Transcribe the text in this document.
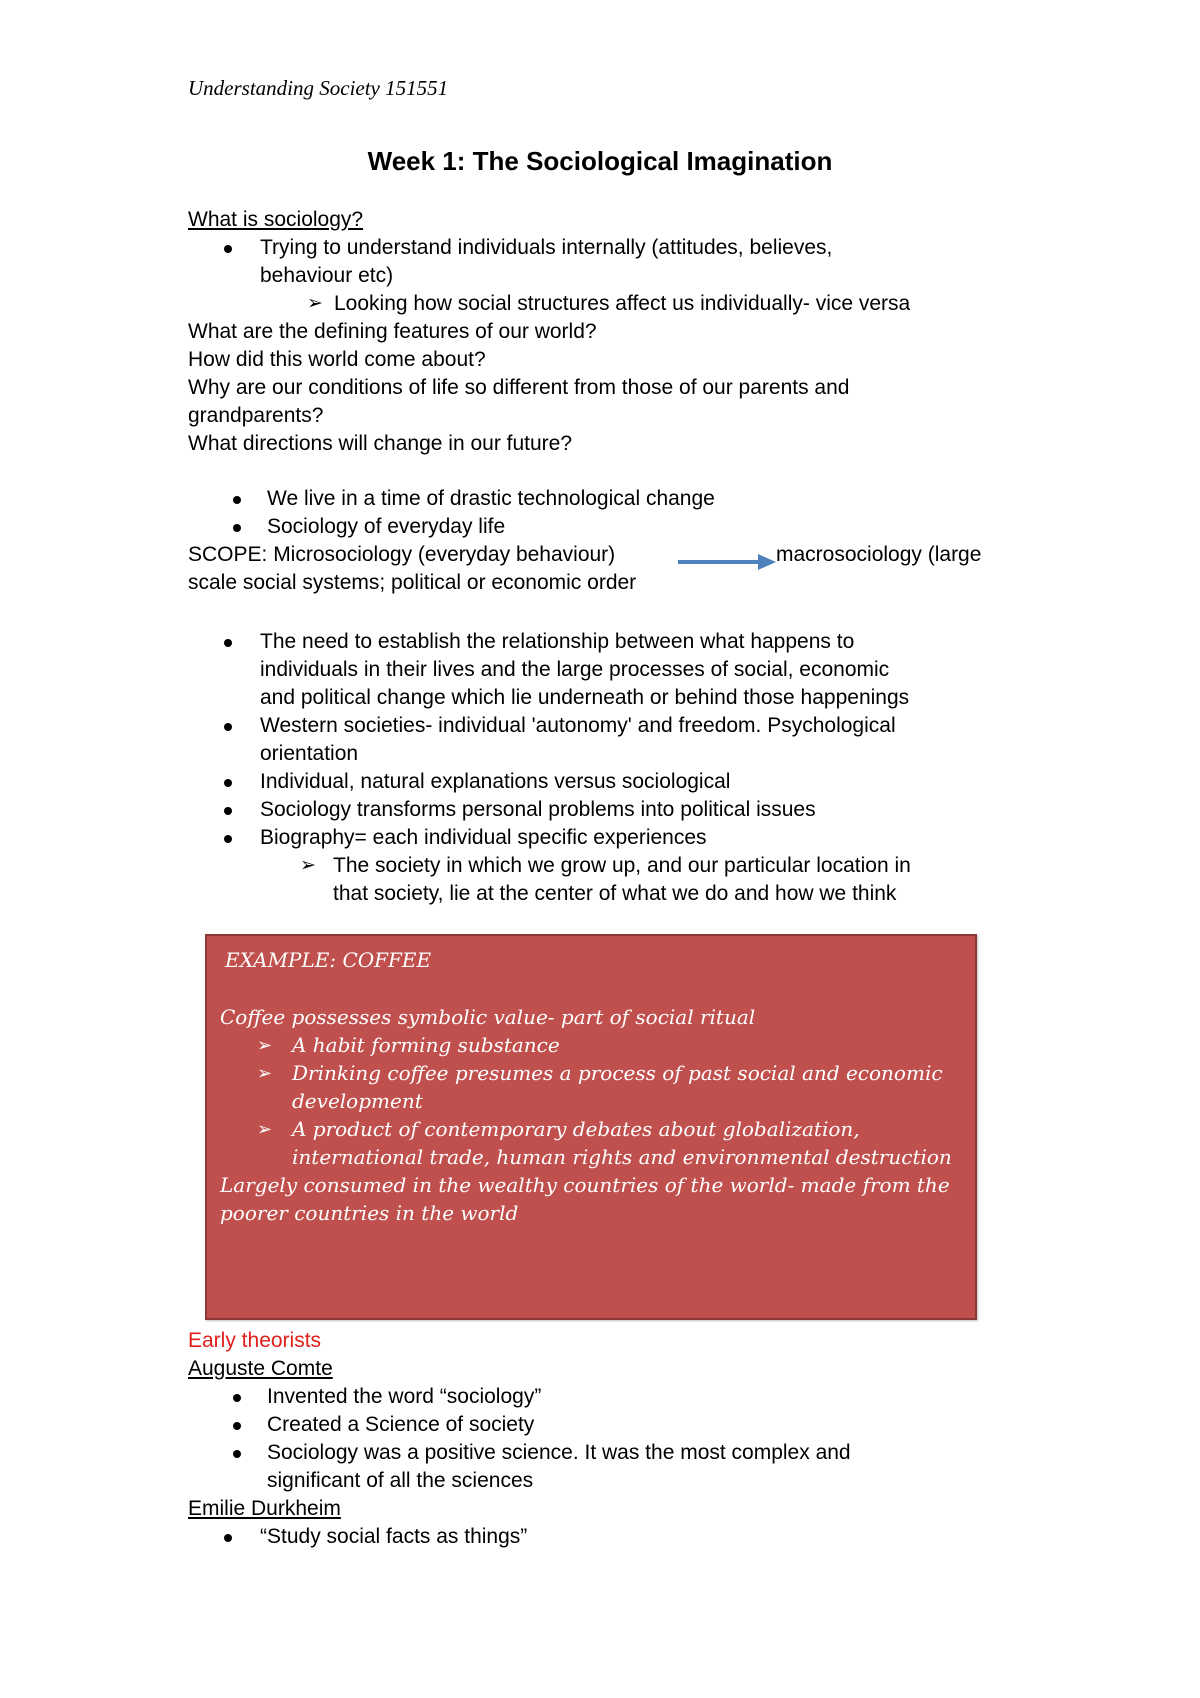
Understanding Society 151551
Week 1: The Sociological Imagination
What is sociology?
Trying to understand individuals internally (attitudes, believes,
behaviour etc)
➢ Looking how social structures affect us individually- vice versa
What are the defining features of our world?
How did this world come about?
Why are our conditions of life so different from those of our parents and
grandparents?
What directions will change in our future?
We live in a time of drastic technological change
Sociology of everyday life
SCOPE: Microsociology (everyday behaviour)	macrosociology (large
scale social systems; political or economic order
The need to establish the relationship between what happens to
individuals in their lives and the large processes of social, economic
and political change which lie underneath or behind those happenings
Western societies- individual 'autonomy' and freedom. Psychological
orientation
Individual, natural explanations versus sociological
Sociology transforms personal problems into political issues
Biography= each individual specific experiences
➢ The society in which we grow up, and our particular location in
that society, lie at the center of what we do and how we think
EXAMPLE: COFFEE
Coffee possesses symbolic value- part of social ritual
➢ A habit forming substance
➢ Drinking coffee presumes a process of past social and economic
development
➢ A product of contemporary debates about globalization,
international trade, human rights and environmental destruction
Largely consumed in the wealthy countries of the world- made from the
poorer countries in the world
Early theorists
Auguste Comte
Invented the word “sociology”
Created a Science of society
Sociology was a positive science. It was the most complex and
significant of all the sciences
Emilie Durkheim
“Study social facts as things”
